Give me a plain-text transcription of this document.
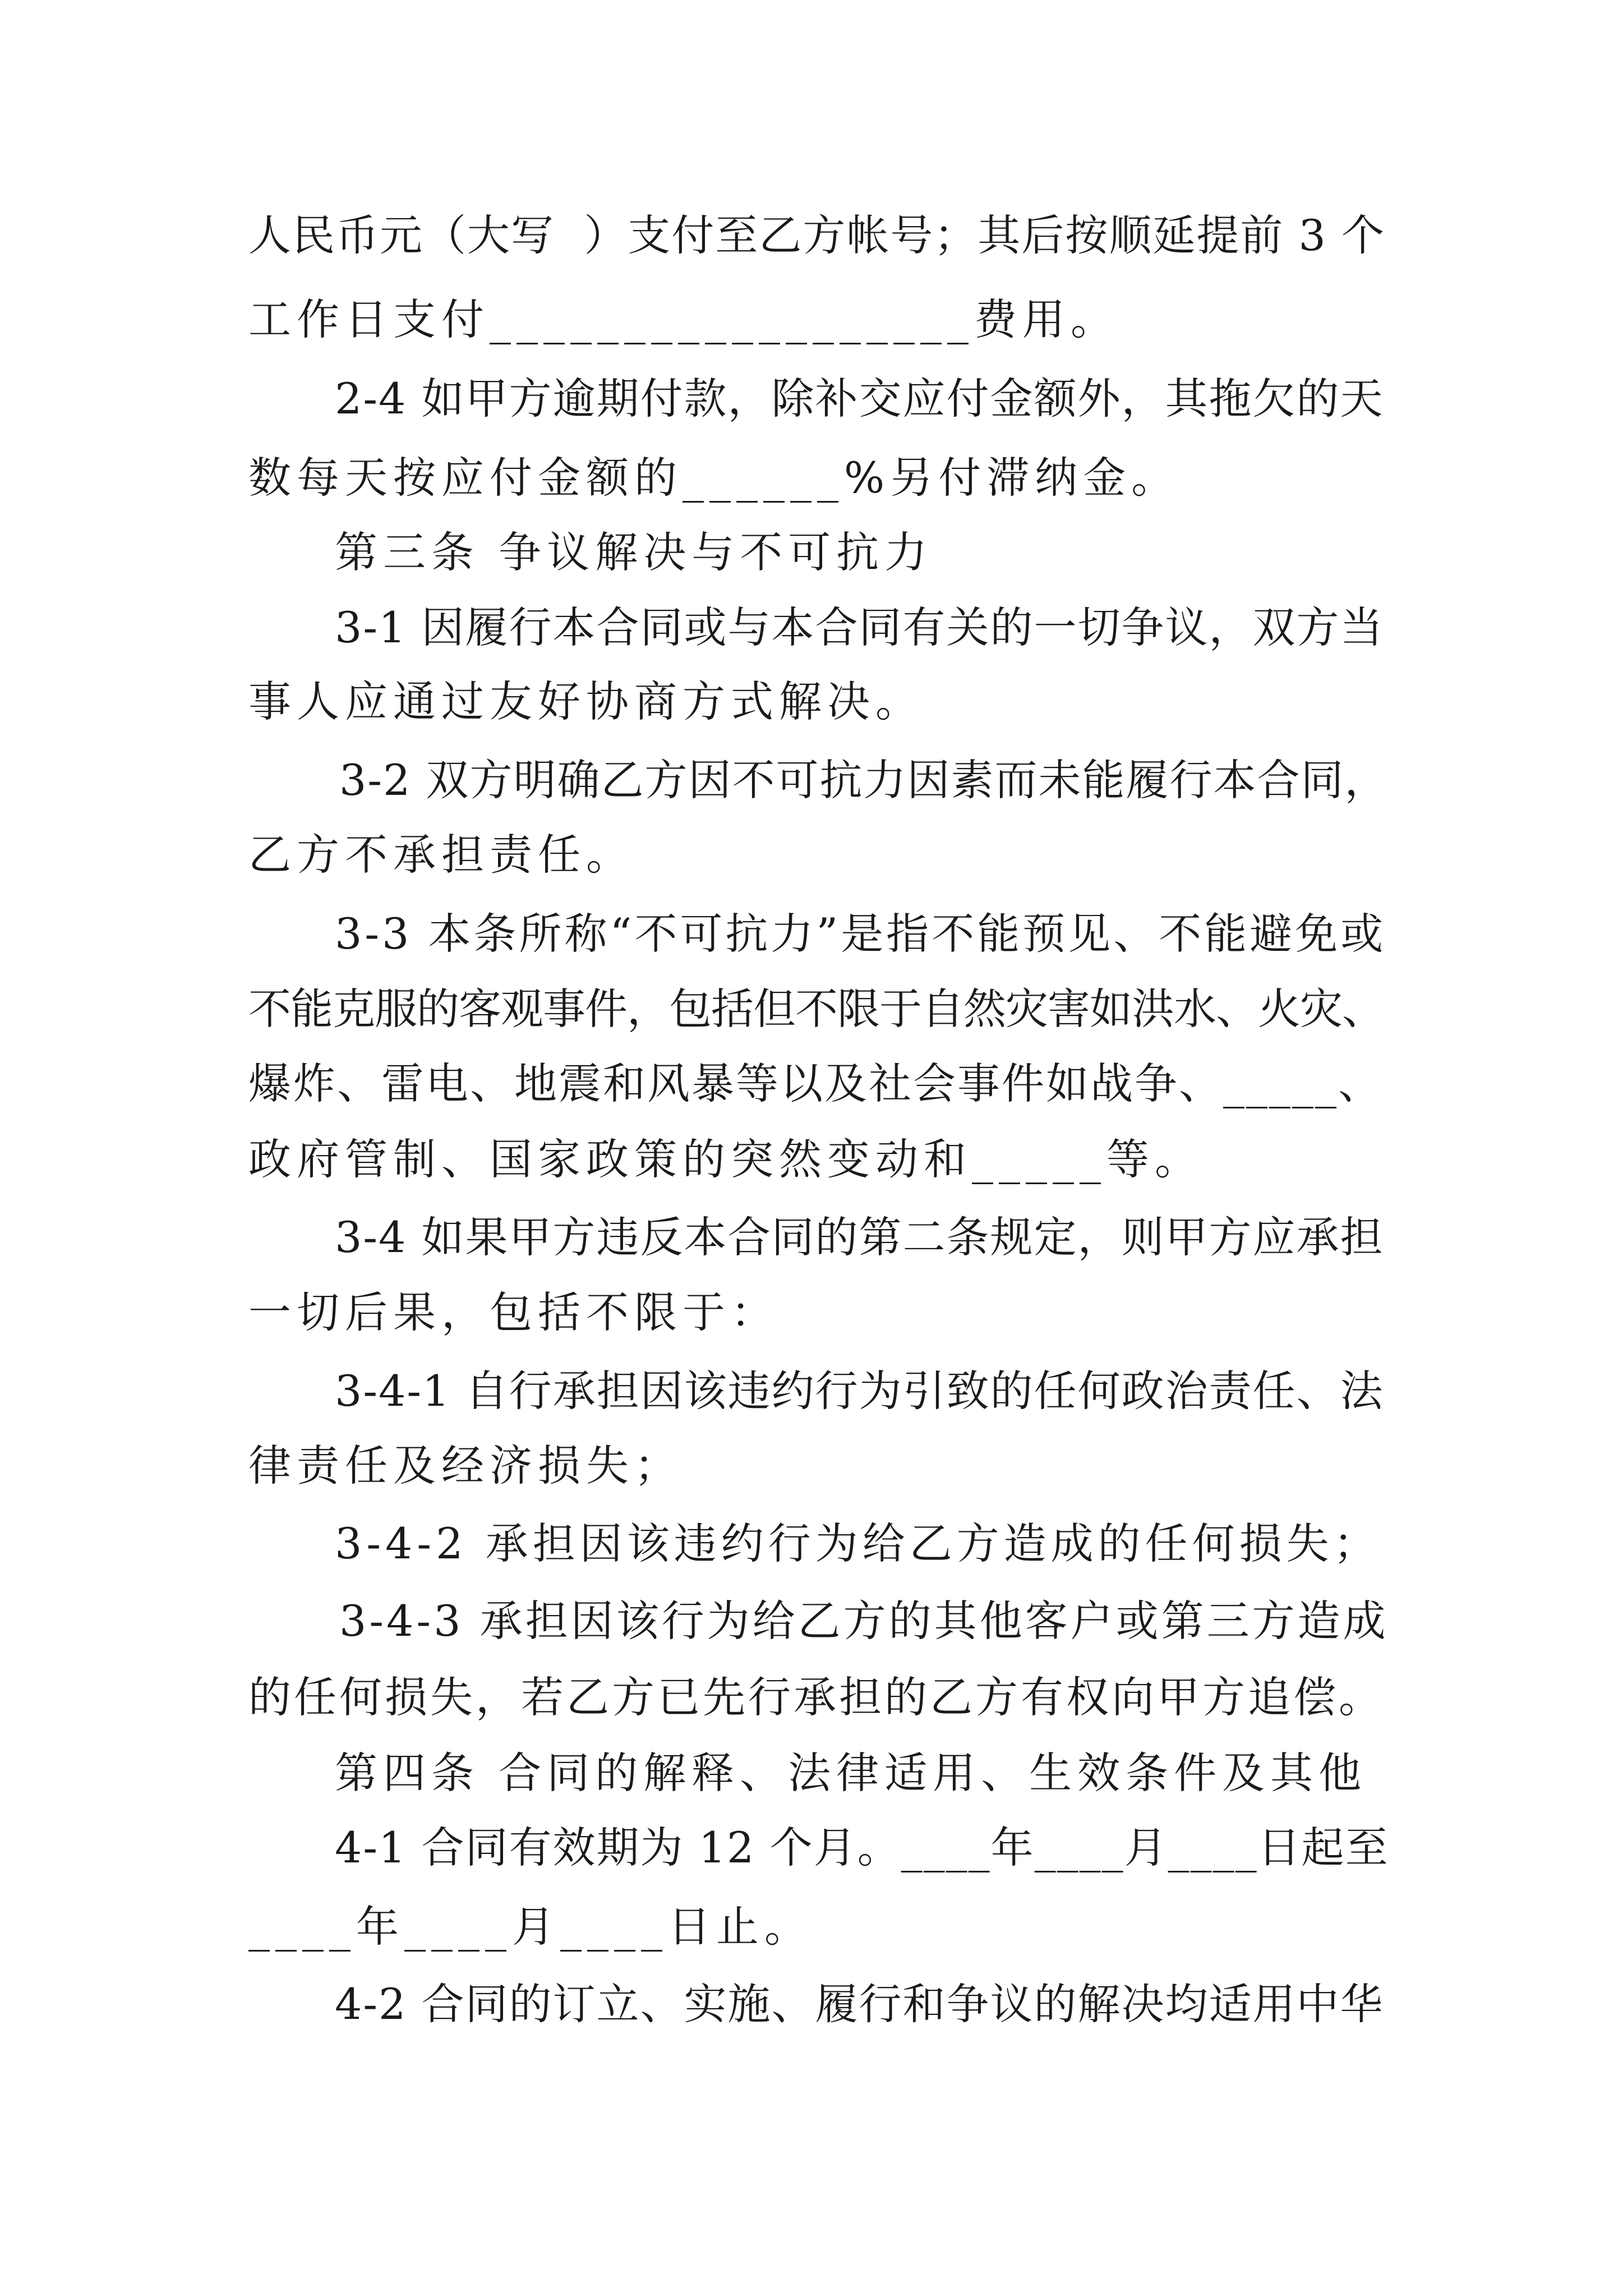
人民币元（大写  ）支付至乙方帐号；其后按顺延提前 3 个

工作日支付__________________费用。

2-4 如甲方逾期付款，除补交应付金额外，其拖欠的天

数每天按应付金额的______%另付滞纳金。

第三条 争议解决与不可抗力

3-1 因履行本合同或与本合同有关的一切争议，双方当

事人应通过友好协商方式解决。

3-2 双方明确乙方因不可抗力因素而未能履行本合同，

乙方不承担责任。

3-3 本条所称“不可抗力”是指不能预见、不能避免或

不能克服的客观事件，包括但不限于自然灾害如洪水、火灾、

爆炸、雷电、地震和风暴等以及社会事件如战争、_____、

政府管制、国家政策的突然变动和_____等。

3-4 如果甲方违反本合同的第二条规定，则甲方应承担

一切后果，包括不限于：

3-4-1 自行承担因该违约行为引致的任何政治责任、法

律责任及经济损失；

3-4-2 承担因该违约行为给乙方造成的任何损失；

3-4-3 承担因该行为给乙方的其他客户或第三方造成

的任何损失，若乙方已先行承担的乙方有权向甲方追偿。

第四条 合同的解释、法律适用、生效条件及其他

4-1 合同有效期为 12 个月。____年____月____日起至

____年____月____日止。

4-2 合同的订立、实施、履行和争议的解决均适用中华
